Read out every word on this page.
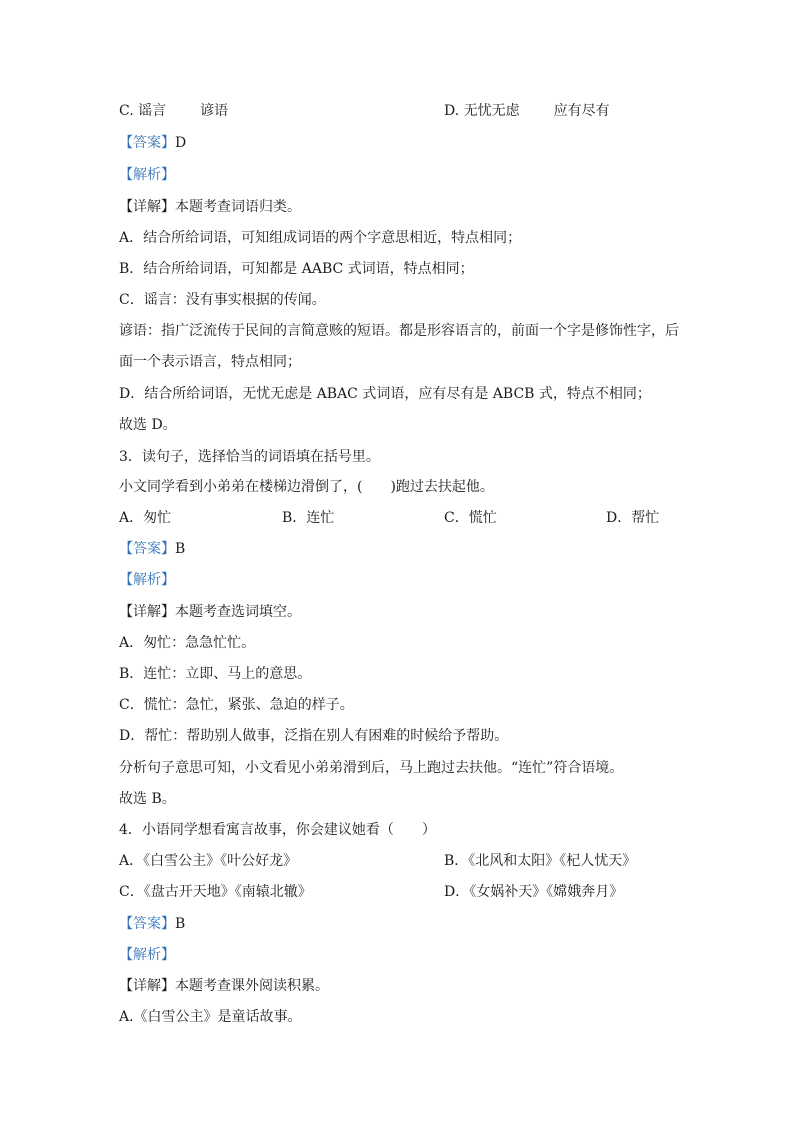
C. 谣言 谚语	D. 无忧无虑 应有尽有
【答案】D
【解析】
【详解】本题考查词语归类。
A．结合所给词语，可知组成词语的两个字意思相近，特点相同；
B．结合所给词语，可知都是 AABC 式词语，特点相同；
C．谣言：没有事实根据的传闻。
谚语：指广泛流传于民间的言简意赅的短语。都是形容语言的，前面一个字是修饰性字，后
面一个表示语言，特点相同；
D．结合所给词语，无忧无虑是 ABAC 式词语，应有尽有是 ABCB 式，特点不相同；
故选 D。
3．读句子，选择恰当的词语填在括号里。
小文同学看到小弟弟在楼梯边滑倒了，(　　)跑过去扶起他。
A．匆忙	B．连忙	C．慌忙	D．帮忙
【答案】B
【解析】
【详解】本题考查选词填空。
A．匆忙：急急忙忙。
B．连忙：立即、马上的意思。
C．慌忙：急忙，紧张、急迫的样子。
D．帮忙：帮助别人做事，泛指在别人有困难的时候给予帮助。
分析句子意思可知，小文看见小弟弟滑到后，马上跑过去扶他。“连忙”符合语境。
故选 B。
4．小语同学想看寓言故事，你会建议她看（　　）
A．《白雪公主》《叶公好龙》	B．《北风和太阳》《杞人忧天》
C．《盘古开天地》《南辕北辙》	D．《女娲补天》《嫦娥奔月》
【答案】B
【解析】
【详解】本题考查课外阅读积累。
A.《白雪公主》是童话故事。
